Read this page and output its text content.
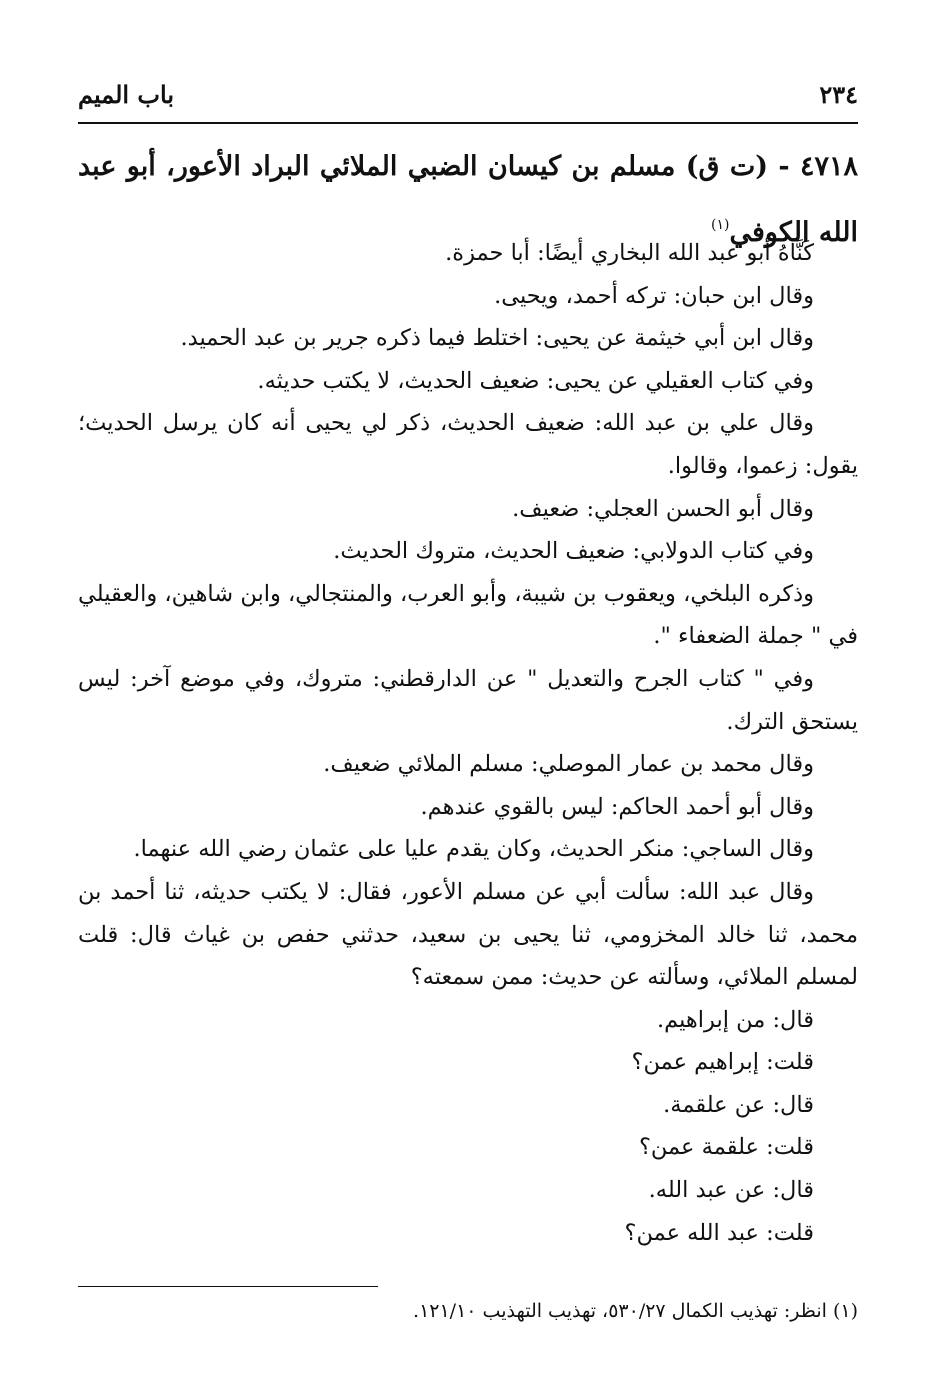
٢٣٤
باب الميم
٤٧١٨ - (ت ق) مسلم بن كيسان الضبي الملائي البراد الأعور، أبو عبد الله الكوفي$^{(١)}$
كَنَّاهُ أبو عبد الله البخاري أيضًا: أبا حمزة.
وقال ابن حبان: تركه أحمد، ويحيى.
وقال ابن أبي خيثمة عن يحيى: اختلط فيما ذكره جرير بن عبد الحميد.
وفي كتاب العقيلي عن يحيى: ضعيف الحديث، لا يكتب حديثه.
وقال علي بن عبد الله: ضعيف الحديث، ذكر لي يحيى أنه كان يرسل الحديث؛ يقول: زعموا، وقالوا.
وقال أبو الحسن العجلي: ضعيف.
وفي كتاب الدولابي: ضعيف الحديث، متروك الحديث.
وذكره البلخي، ويعقوب بن شيبة، وأبو العرب، والمنتجالي، وابن شاهين، والعقيلي في " جملة الضعفاء ".
وفي " كتاب الجرح والتعديل " عن الدارقطني: متروك، وفي موضع آخر: ليس يستحق الترك.
وقال محمد بن عمار الموصلي: مسلم الملائي ضعيف.
وقال أبو أحمد الحاكم: ليس بالقوي عندهم.
وقال الساجي: منكر الحديث، وكان يقدم عليا على عثمان رضي الله عنهما.
وقال عبد الله: سألت أبي عن مسلم الأعور، فقال: لا يكتب حديثه، ثنا أحمد بن محمد، ثنا خالد المخزومي، ثنا يحيى بن سعيد، حدثني حفص بن غياث قال: قلت لمسلم الملائي، وسألته عن حديث: ممن سمعته؟
قال: من إبراهيم.
قلت: إبراهيم عمن؟
قال: عن علقمة.
قلت: علقمة عمن؟
قال: عن عبد الله.
قلت: عبد الله عمن؟
(١) انظر: تهذيب الكمال ٥٣٠/٢٧، تهذيب التهذيب ١٢١/١٠.
